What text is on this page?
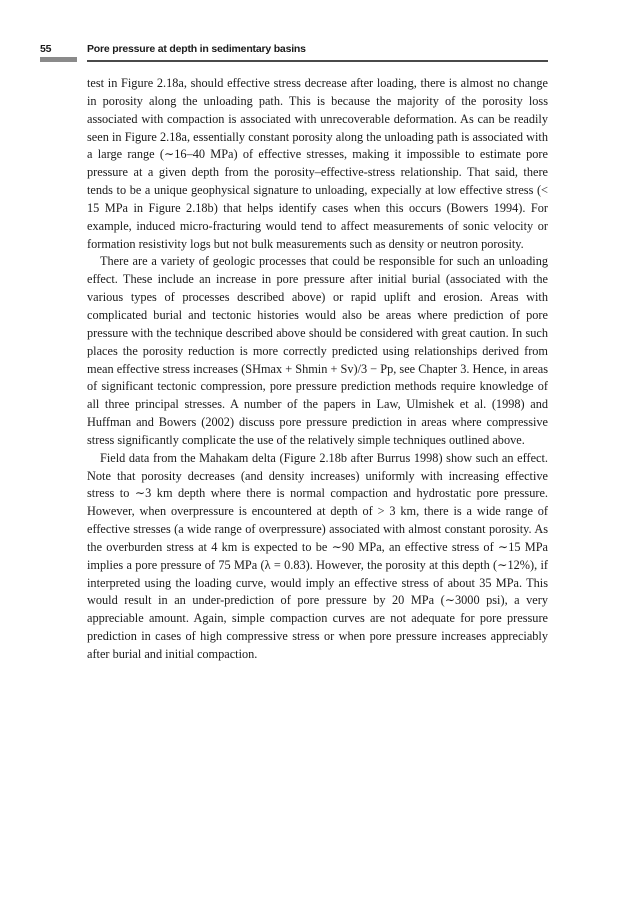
55	Pore pressure at depth in sedimentary basins

test in Figure 2.18a, should effective stress decrease after loading, there is almost no change in porosity along the unloading path. This is because the majority of the porosity loss associated with compaction is associated with unrecoverable deformation. As can be readily seen in Figure 2.18a, essentially constant porosity along the unloading path is associated with a large range (∼16–40 MPa) of effective stresses, making it impossible to estimate pore pressure at a given depth from the porosity–effective-stress relationship. That said, there tends to be a unique geophysical signature to unloading, expecially at low effective stress (< 15 MPa in Figure 2.18b) that helps identify cases when this occurs (Bowers 1994). For example, induced micro-fracturing would tend to affect measurements of sonic velocity or formation resistivity logs but not bulk measurements such as density or neutron porosity.

There are a variety of geologic processes that could be responsible for such an unloading effect. These include an increase in pore pressure after initial burial (associated with the various types of processes described above) or rapid uplift and erosion. Areas with complicated burial and tectonic histories would also be areas where prediction of pore pressure with the technique described above should be considered with great caution. In such places the porosity reduction is more correctly predicted using relationships derived from mean effective stress increases (SHmax + Shmin + Sv)/3 − Pp, see Chapter 3. Hence, in areas of significant tectonic compression, pore pressure prediction methods require knowledge of all three principal stresses. A number of the papers in Law, Ulmishek et al. (1998) and Huffman and Bowers (2002) discuss pore pressure prediction in areas where compressive stress significantly complicate the use of the relatively simple techniques outlined above.

Field data from the Mahakam delta (Figure 2.18b after Burrus 1998) show such an effect. Note that porosity decreases (and density increases) uniformly with increasing effective stress to ∼3 km depth where there is normal compaction and hydrostatic pore pressure. However, when overpressure is encountered at depth of > 3 km, there is a wide range of effective stresses (a wide range of overpressure) associated with almost constant porosity. As the overburden stress at 4 km is expected to be ∼90 MPa, an effective stress of ∼15 MPa implies a pore pressure of 75 MPa (λ = 0.83). However, the porosity at this depth (∼12%), if interpreted using the loading curve, would imply an effective stress of about 35 MPa. This would result in an under-prediction of pore pressure by 20 MPa (∼3000 psi), a very appreciable amount. Again, simple compaction curves are not adequate for pore pressure prediction in cases of high compressive stress or when pore pressure increases appreciably after burial and initial compaction.
